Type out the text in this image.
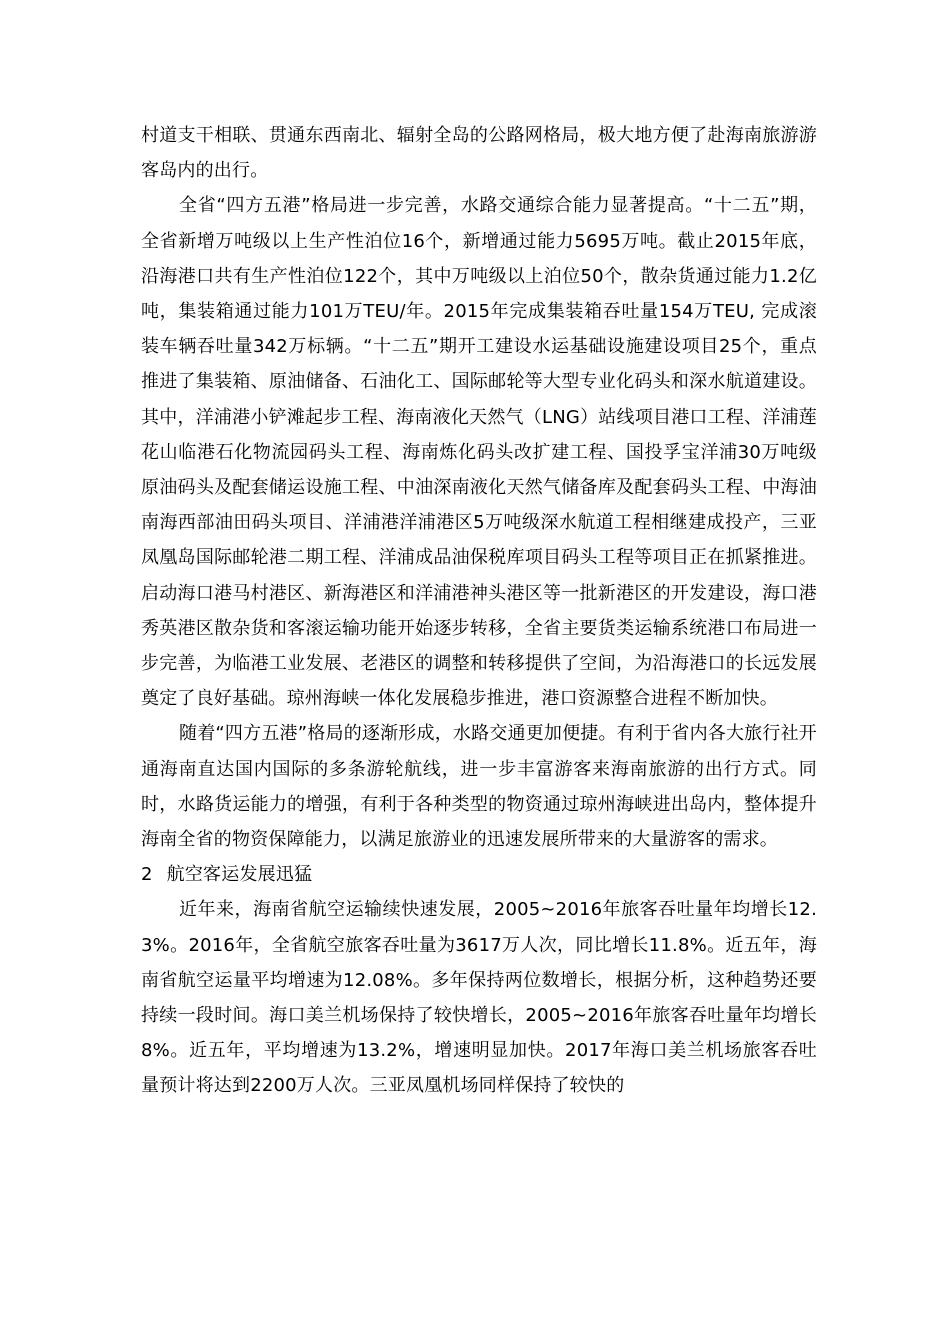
村道支干相联、贯通东西南北、辐射全岛的公路网格局，极大地方便了赴海南旅游游客岛内的出行。

全省“四方五港”格局进一步完善，水路交通综合能力显著提高。“十二五”期，全省新增万吨级以上生产性泊位16个，新增通过能力5695万吨。截止2015年底，沿海港口共有生产性泊位122个，其中万吨级以上泊位50个，散杂货通过能力1.2亿吨，集装箱通过能力101万TEU/年。2015年完成集装箱吞吐量154万TEU, 完成滚装车辆吞吐量342万标辆。“十二五”期开工建设水运基础设施建设项目25个，重点推进了集装箱、原油储备、石油化工、国际邮轮等大型专业化码头和深水航道建设。其中，洋浦港小铲滩起步工程、海南液化天然气（LNG）站线项目港口工程、洋浦莲花山临港石化物流园码头工程、海南炼化码头改扩建工程、国投孚宝洋浦30万吨级原油码头及配套储运设施工程、中油深南液化天然气储备库及配套码头工程、中海油南海西部油田码头项目、洋浦港洋浦港区5万吨级深水航道工程相继建成投产，三亚凤凰岛国际邮轮港二期工程、洋浦成品油保税库项目码头工程等项目正在抓紧推进。启动海口港马村港区、新海港区和洋浦港神头港区等一批新港区的开发建设，海口港秀英港区散杂货和客滚运输功能开始逐步转移，全省主要货类运输系统港口布局进一步完善，为临港工业发展、老港区的调整和转移提供了空间，为沿海港口的长远发展奠定了良好基础。琼州海峡一体化发展稳步推进，港口资源整合进程不断加快。

随着“四方五港”格局的逐渐形成，水路交通更加便捷。有利于省内各大旅行社开通海南直达国内国际的多条游轮航线，进一步丰富游客来海南旅游的出行方式。同时，水路货运能力的增强，有利于各种类型的物资通过琼州海峡进出岛内，整体提升海南全省的物资保障能力，以满足旅游业的迅速发展所带来的大量游客的需求。

2 航空客运发展迅猛

近年来，海南省航空运输续快速发展，2005~2016年旅客吞吐量年均增长12.3%。2016年，全省航空旅客吞吐量为3617万人次，同比增长11.8%。近五年，海南省航空运量平均增速为12.08%。多年保持两位数增长，根据分析，这种趋势还要持续一段时间。海口美兰机场保持了较快增长，2005~2016年旅客吞吐量年均增长8%。近五年，平均增速为13.2%，增速明显加快。2017年海口美兰机场旅客吞吐量预计将达到2200万人次。三亚凤凰机场同样保持了较快的
